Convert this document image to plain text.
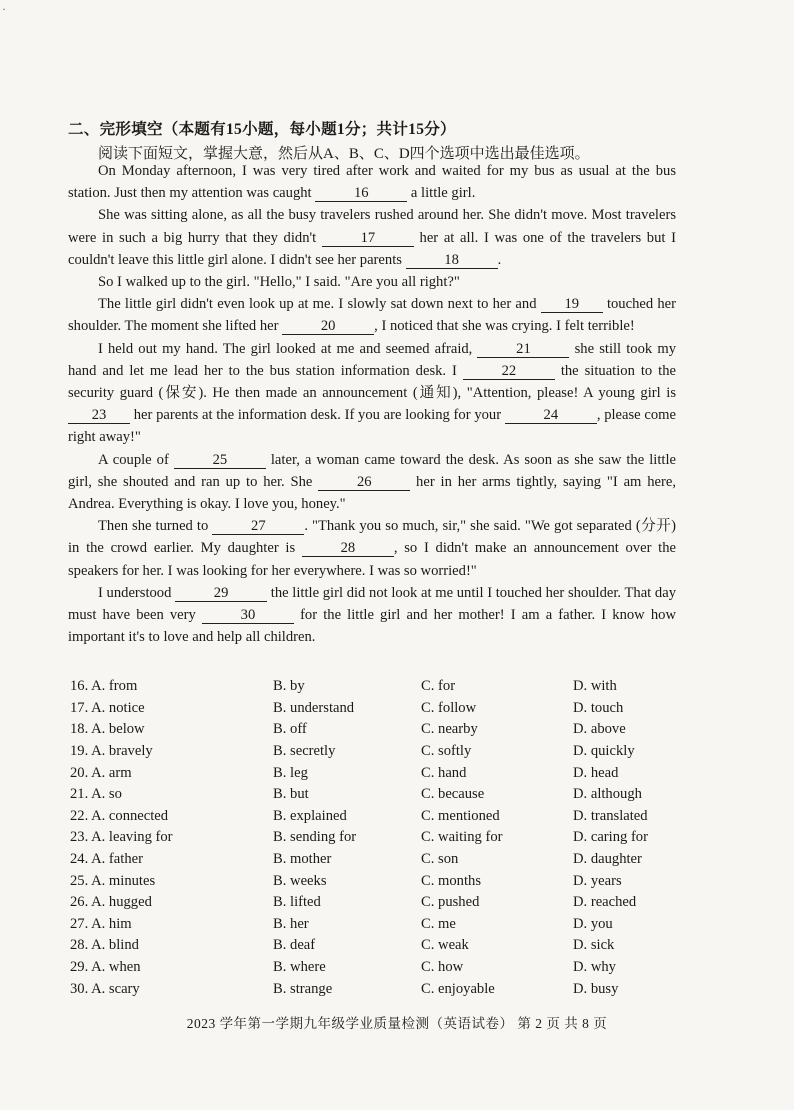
·
二、完形填空（本题有15小题，每小题1分；共计15分）
阅读下面短文，掌握大意，然后从A、B、C、D四个选项中选出最佳选项。

On Monday afternoon, I was very tired after work and waited for my bus as usual at the bus station. Just then my attention was caught	16	a little girl.

She was sitting alone, as all the busy travelers rushed around her. She didn't move. Most travelers were in such a big hurry that they didn't	17	her at all. I was one of the travelers but I couldn't leave this little girl alone. I didn't see her parents	18	.

So I walked up to the girl. "Hello," I said. "Are you all right?"

The little girl didn't even look up at me. I slowly sat down next to her and 19 touched her shoulder. The moment she lifted her	20	, I noticed that she was crying. I felt terrible!

I held out my hand. The girl looked at me and seemed afraid,	21	she still took my hand and let me lead her to the bus station information desk. I	22	the situation to the security guard (保安). He then made an announcement (通知), "Attention, please! A young girl is 23 her parents at the information desk. If you are looking for your	24	, please come right away!"

A couple of	25	later, a woman came toward the desk. As soon as she saw the little girl, she shouted and ran up to her. She	26	her in her arms tightly, saying "I am here, Andrea. Everything is okay. I love you, honey."

Then she turned to	27	. "Thank you so much, sir," she said. "We got separated (分开) in the crowd earlier. My daughter is	28	, so I didn't make an announcement over the speakers for her. I was looking for her everywhere. I was so worried!"

I understood	29	the little girl did not look at me until I touched her shoulder. That day must have been very	30	for the little girl and her mother! I am a father. I know how important it's to love and help all children.

16. A. from	B. by	C. for	D. with
17. A. notice	B. understand	C. follow	D. touch
18. A. below	B. off	C. nearby	D. above
19. A. bravely	B. secretly	C. softly	D. quickly
20. A. arm	B. leg	C. hand	D. head
21. A. so	B. but	C. because	D. although
22. A. connected	B. explained	C. mentioned	D. translated
23. A. leaving for	B. sending for	C. waiting for	D. caring for
24. A. father	B. mother	C. son	D. daughter
25. A. minutes	B. weeks	C. months	D. years
26. A. hugged	B. lifted	C. pushed	D. reached
27. A. him	B. her	C. me	D. you
28. A. blind	B. deaf	C. weak	D. sick
29. A. when	B. where	C. how	D. why
30. A. scary	B. strange	C. enjoyable	D. busy
2023 学年第一学期九年级学业质量检测（英语试卷） 第 2 页 共 8 页
